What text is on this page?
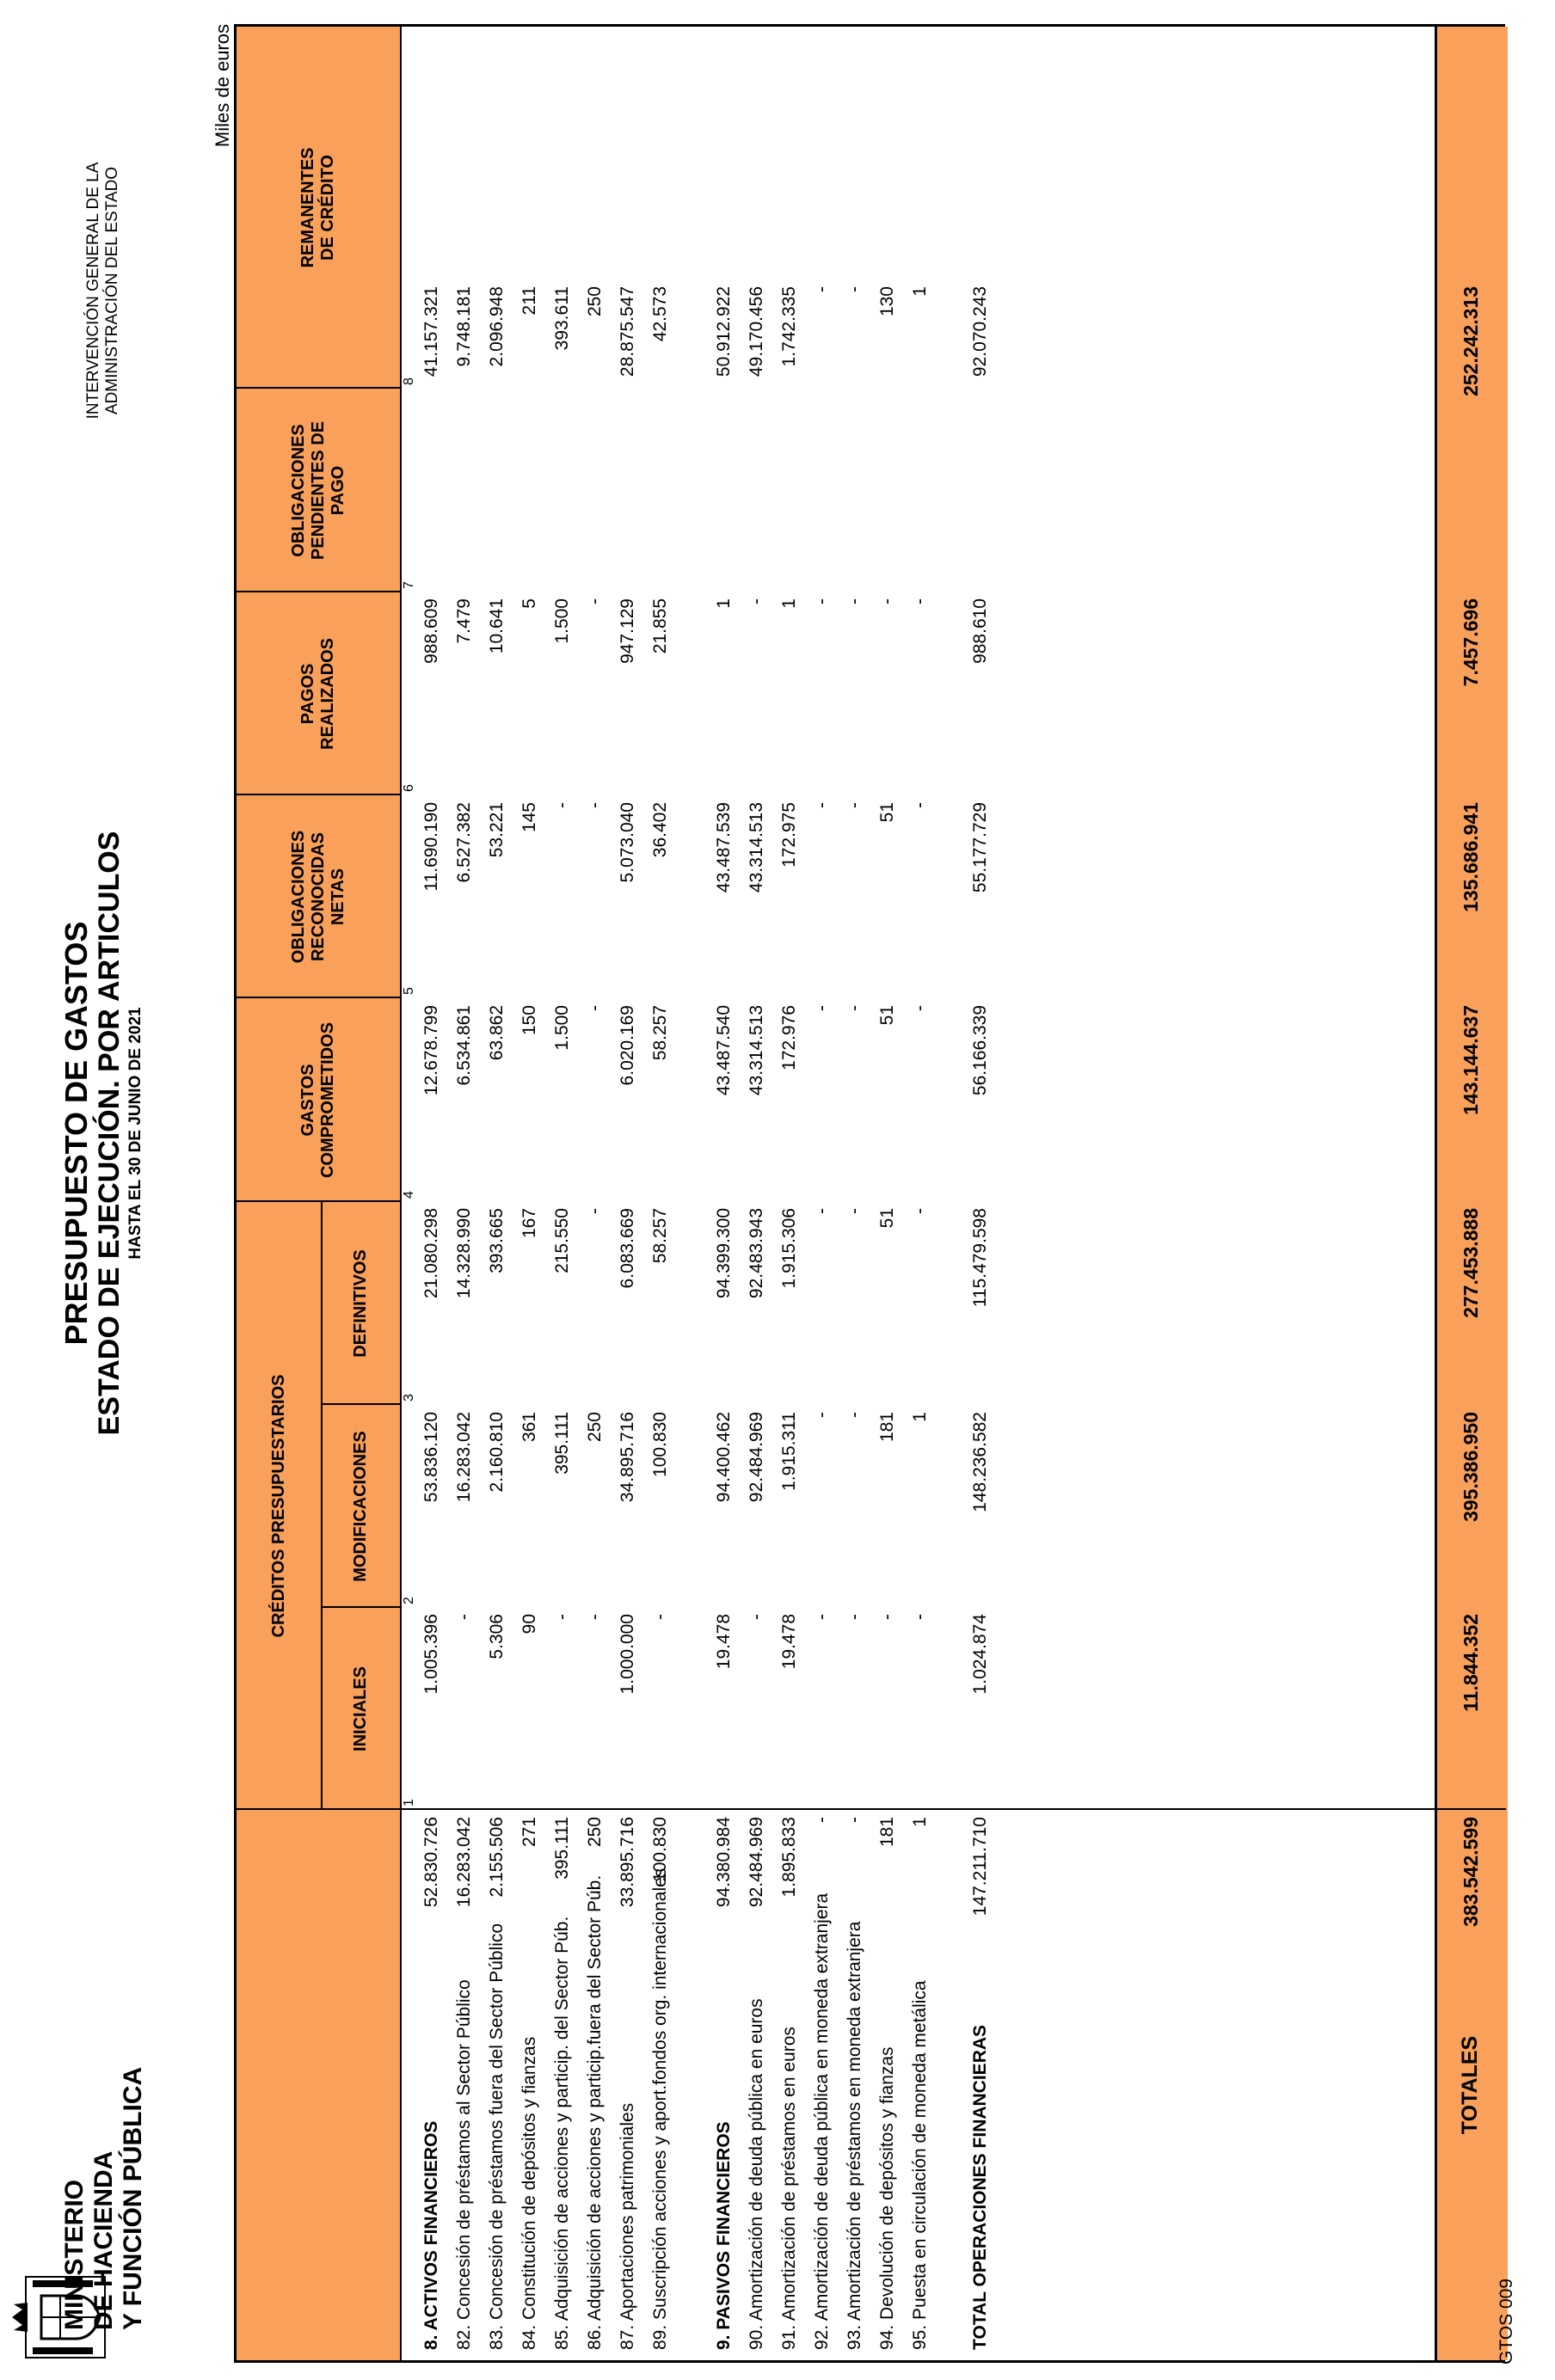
MINISTERIO DE HACIENDA Y FUNCIÓN PÚBLICA
PRESUPUESTO DE GASTOS ESTADO DE EJECUCIÓN. POR ARTICULOS HASTA EL 30 DE JUNIO DE 2021
INTERVENCIÓN GENERAL DE LA ADMINISTRACIÓN DEL ESTADO
Miles de euros
CRÉDITOS PRESUPUESTARIOS
INICIALES
MODIFICACIONES
DEFINITIVOS
GASTOS COMPROMETIDOS
OBLIGACIONES RECONOCIDAS NETAS
PAGOS REALIZADOS
OBLIGACIONES PENDIENTES DE PAGO
REMANENTES DE CRÉDITO
1
2
3
4
5
6
7
8
8. ACTIVOS FINANCIEROS
52.830.726
1.005.396
53.836.120
21.080.298
12.678.799
11.690.190
988.609
41.157.321
82. Concesión de préstamos al Sector Público
16.283.042
-
16.283.042
14.328.990
6.534.861
6.527.382
7.479
9.748.181
83. Concesión de préstamos fuera del Sector Público
2.155.506
5.306
2.160.810
393.665
63.862
53.221
10.641
2.096.948
84. Constitución de depósitos y fianzas
271
90
361
167
150
145
5
211
85. Adquisición de acciones y particip. del Sector Púb.
395.111
-
395.111
215.550
1.500
-
1.500
393.611
86. Adquisición de acciones y particip.fuera del Sector Púb.
250
-
250
-
-
-
-
250
87. Aportaciones patrimoniales
33.895.716
1.000.000
34.895.716
6.083.669
6.020.169
5.073.040
947.129
28.875.547
89. Suscripción acciones y aport.fondos org. internacionales
100.830
-
100.830
58.257
58.257
36.402
21.855
42.573
9. PASIVOS FINANCIEROS
94.380.984
19.478
94.400.462
94.399.300
43.487.540
43.487.539
1
50.912.922
90. Amortización de deuda pública en euros
92.484.969
-
92.484.969
92.483.943
43.314.513
43.314.513
-
49.170.456
91. Amortización de préstamos en euros
1.895.833
19.478
1.915.311
1.915.306
172.976
172.975
1
1.742.335
92. Amortización de deuda pública en moneda extranjera
-
-
-
-
-
-
-
-
93. Amortización de préstamos en moneda extranjera
-
-
-
-
-
-
-
-
94. Devolución de depósitos y fianzas
181
-
181
51
51
51
-
130
95. Puesta en circulación de moneda metálica
1
-
1
-
-
-
-
1
TOTAL OPERACIONES FINANCIERAS
147.211.710
1.024.874
148.236.582
115.479.598
56.166.339
55.177.729
988.610
92.070.243
TOTALES
383.542.599
11.844.352
395.386.950
277.453.888
143.144.637
135.686.941
7.457.696
252.242.313
GTOS 009
